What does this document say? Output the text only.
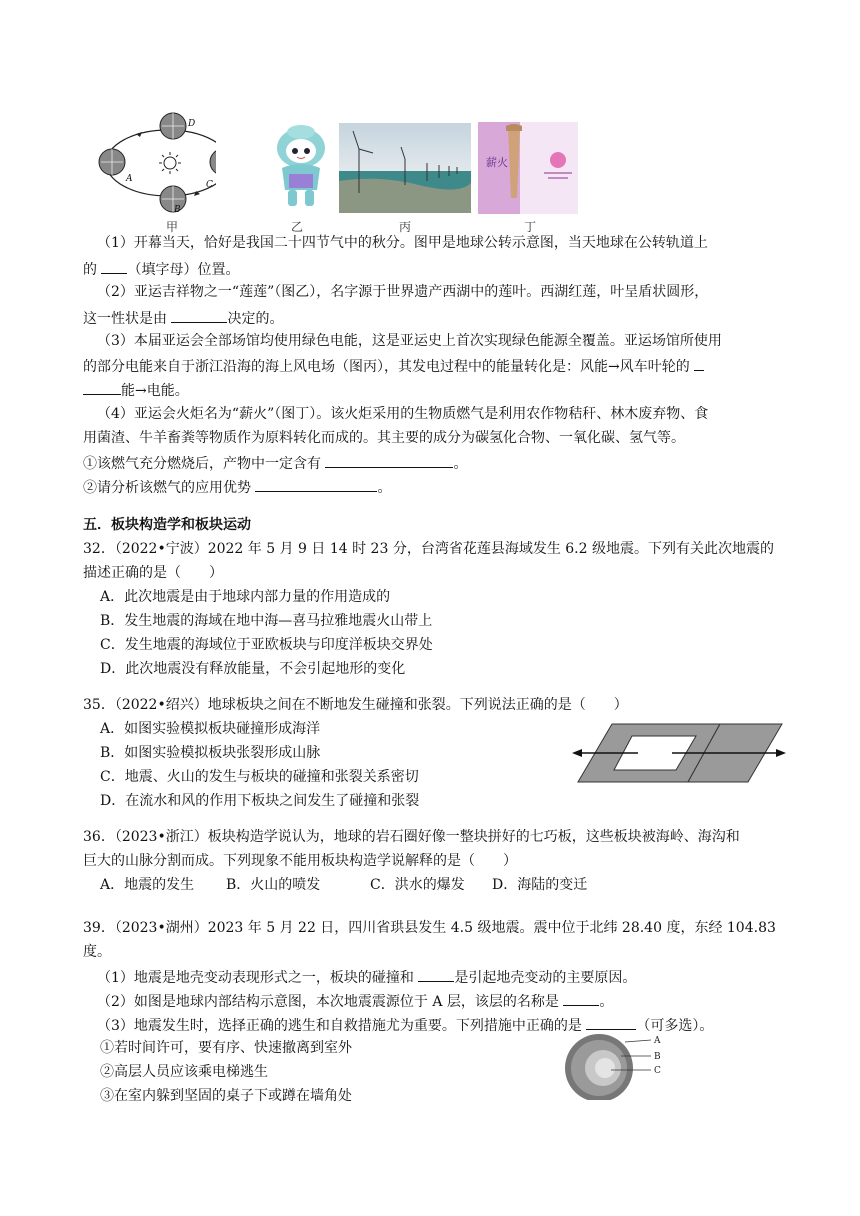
A
B
C
D
薪火
甲	乙	丙	丁
（1）开幕当天，恰好是我国二十四节气中的秋分。图甲是地球公转示意图，当天地球在公转轨道上
的 （填字母）位置。
（2）亚运吉祥物之一“莲莲”（图乙），名字源于世界遗产西湖中的莲叶。西湖红莲，叶呈盾状圆形，
这一性状是由	决定的。
（3）本届亚运会全部场馆均使用绿色电能，这是亚运史上首次实现绿色能源全覆盖。亚运场馆所使用
的部分电能来自于浙江沿海的海上风电场（图丙），其发电过程中的能量转化是：风能→风车叶轮的
能→电能。
（4）亚运会火炬名为“薪火”（图丁）。该火炬采用的生物质燃气是利用农作物秸秆、林木废弃物、食
用菌渣、牛羊畜粪等物质作为原料转化而成的。其主要的成分为碳氢化合物、一氧化碳、氢气等。
①该燃气充分燃烧后，产物中一定含有	。
②请分析该燃气的应用优势	。
五．板块构造学和板块运动
32．（2022•宁波）2022 年 5 月 9 日 14 时 23 分，台湾省花莲县海域发生 6.2 级地震。下列有关此次地震的
描述正确的是（　　）
A．此次地震是由于地球内部力量的作用造成的
B．发生地震的海域在地中海—喜马拉雅地震火山带上
C．发生地震的海域位于亚欧板块与印度洋板块交界处
D．此次地震没有释放能量，不会引起地形的变化
35．（2022•绍兴）地球板块之间在不断地发生碰撞和张裂。下列说法正确的是（　　）
A．如图实验模拟板块碰撞形成海洋
B．如图实验模拟板块张裂形成山脉
C．地震、火山的发生与板块的碰撞和张裂关系密切
D．在流水和风的作用下板块之间发生了碰撞和张裂
36．（2023•浙江）板块构造学说认为，地球的岩石圈好像一整块拼好的七巧板，这些板块被海岭、海沟和
巨大的山脉分割而成。下列现象不能用板块构造学说解释的是（　　）
A．地震的发生 B．火山的喷发	C．洪水的爆发 D．海陆的变迁
39．（2023•湖州）2023 年 5 月 22 日，四川省珙县发生 4.5 级地震。震中位于北纬 28.40 度，东经 104.83
度。
（1）地震是地壳变动表现形式之一，板块的碰撞和	是引起地壳变动的主要原因。
（2）如图是地球内部结构示意图，本次地震震源位于 A 层，该层的名称是	。
（3）地震发生时，选择正确的逃生和自救措施尤为重要。下列措施中正确的是	（可多选）。
①若时间许可，要有序、快速撤离到室外
②高层人员应该乘电梯逃生
③在室内躲到坚固的桌子下或蹲在墙角处
A
B
C
